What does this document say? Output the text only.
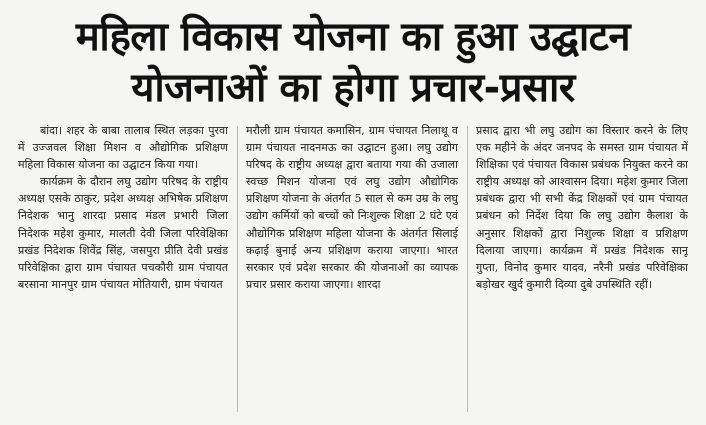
महिला विकास योजना का हुआ उद्घाटन
योजनाओं का होगा प्रचार-प्रसार

बांदा। शहर के बाबा तालाब स्थित लड़का पुरवा में उज्जवल शिक्षा मिशन व औद्योगिक प्रशिक्षण महिला विकास योजना का उद्घाटन किया गया।

कार्यक्रम के दौरान लघु उद्योग परिषद के राष्ट्रीय अध्यक्ष एसके ठाकुर, प्रदेश अध्यक्ष अभिषेक प्रशिक्षण निदेशक भानु शारदा प्रसाद मंडल प्रभारी जिला निदेशक महेश कुमार, मालती देवी जिला परिवेक्षिका प्रखंड निदेशक शिवेंद्र सिंह, जसपुरा प्रीति देवी प्रखंड परिवेक्षिका द्वारा ग्राम पंचायत पचकौरी ग्राम पंचायत बरसाना मानपुर ग्राम पंचायत मोतियारी, ग्राम पंचायत

मरौली ग्राम पंचायत कमासिन, ग्राम पंचायत निलाथू व ग्राम पंचायत नादनमऊ का उद्घाटन हुआ। लघु उद्योग परिषद के राष्ट्रीय अध्यक्ष द्वारा बताया गया की उजाला स्वच्छ मिशन योजना एवं लघु उद्योग औद्योगिक प्रशिक्षण योजना के अंतर्गत 5 साल से कम उम्र के लघु उद्योग कर्मियों को बच्चों को निःशुल्क शिक्षा 2 घंटे एवं औद्योगिक प्रशिक्षण महिला योजना के अंतर्गत सिलाई कढ़ाई बुनाई अन्य प्रशिक्षण कराया जाएगा। भारत सरकार एवं प्रदेश सरकार की योजनाओं का व्यापक प्रचार प्रसार कराया जाएगा। शारदा

प्रसाद द्वारा भी लघु उद्योग का विस्तार करने के लिए एक महीने के अंदर जनपद के समस्त ग्राम पंचायत में शिक्षिका एवं पंचायत विकास प्रबंधक नियुक्त करने का राष्ट्रीय अध्यक्ष को आश्वासन दिया। महेश कुमार जिला प्रबंधक द्वारा भी सभी केंद्र शिक्षकों एवं ग्राम पंचायत प्रबंधन को निर्देश दिया कि लघु उद्योग कैलाश के अनुसार शिक्षकों द्वारा निशुल्क शिक्षा व प्रशिक्षण दिलाया जाएगा। कार्यक्रम में प्रखंड निदेशक सानू गुप्ता, विनोद कुमार यादव, नरैनी प्रखंड परिवेक्षिका बड़ोखर खुर्द कुमारी दिव्या दुबे उपस्थिति रहीं।
